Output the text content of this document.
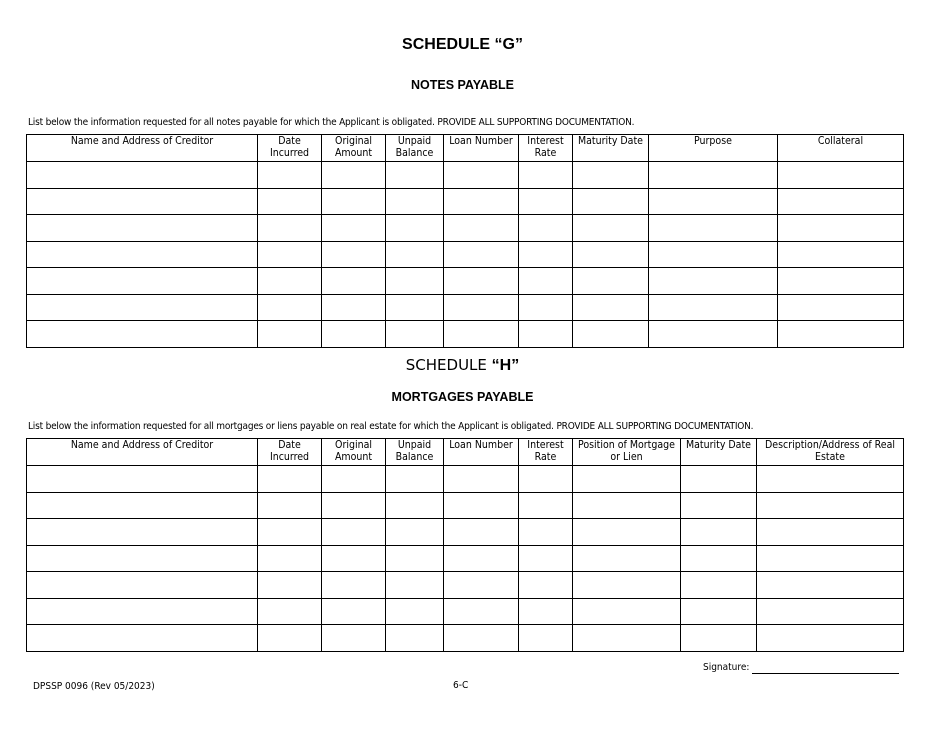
SCHEDULE “G”
NOTES PAYABLE
List below the information requested for all notes payable for which the Applicant is obligated. PROVIDE ALL SUPPORTING DOCUMENTATION.
Name and Address of Creditor	Date Incurred	Original Amount	Unpaid Balance	Loan Number	Interest Rate	Maturity Date	Purpose	Collateral

SCHEDULE “H”
MORTGAGES PAYABLE
List below the information requested for all mortgages or liens payable on real estate for which the Applicant is obligated. PROVIDE ALL SUPPORTING DOCUMENTATION.
Name and Address of Creditor	Date Incurred	Original Amount	Unpaid Balance	Loan Number	Interest Rate	Position of Mortgage or Lien	Maturity Date	Description/Address of Real Estate

Signature:
DPSSP 0096 (Rev 05/2023)	6-C
